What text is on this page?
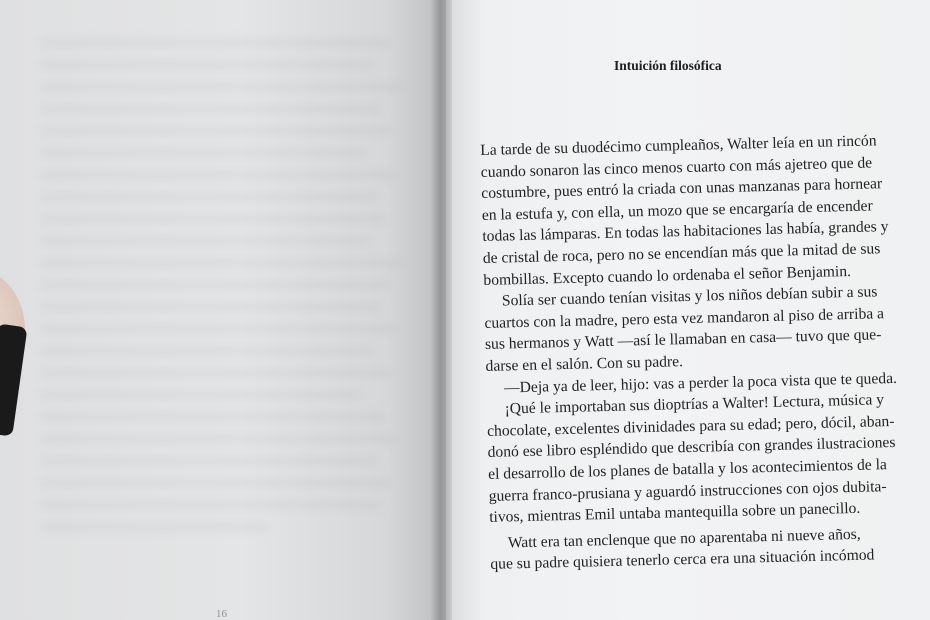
16

Intuición filosófica

La tarde de su duodécimo cumpleaños, Walter leía en un rincón

cuando sonaron las cinco menos cuarto con más ajetreo que de

costumbre, pues entró la criada con unas manzanas para hornear

en la estufa y, con ella, un mozo que se encargaría de encender

todas las lámparas. En todas las habitaciones las había, grandes y

de cristal de roca, pero no se encendían más que la mitad de sus

bombillas. Excepto cuando lo ordenaba el señor Benjamin.

Solía ser cuando tenían visitas y los niños debían subir a sus

cuartos con la madre, pero esta vez mandaron al piso de arriba a

sus hermanos y Watt —así le llamaban en casa— tuvo que que-

darse en el salón. Con su padre.

—Deja ya de leer, hijo: vas a perder la poca vista que te queda.

¡Qué le importaban sus dioptrías a Walter! Lectura, música y

chocolate, excelentes divinidades para su edad; pero, dócil, aban-

donó ese libro espléndido que describía con grandes ilustraciones

el desarrollo de los planes de batalla y los acontecimientos de la

guerra franco-prusiana y aguardó instrucciones con ojos dubita-

tivos, mientras Emil untaba mantequilla sobre un panecillo.

Watt era tan enclenque que no aparentaba ni nueve años,

que su padre quisiera tenerlo cerca era una situación incómod
